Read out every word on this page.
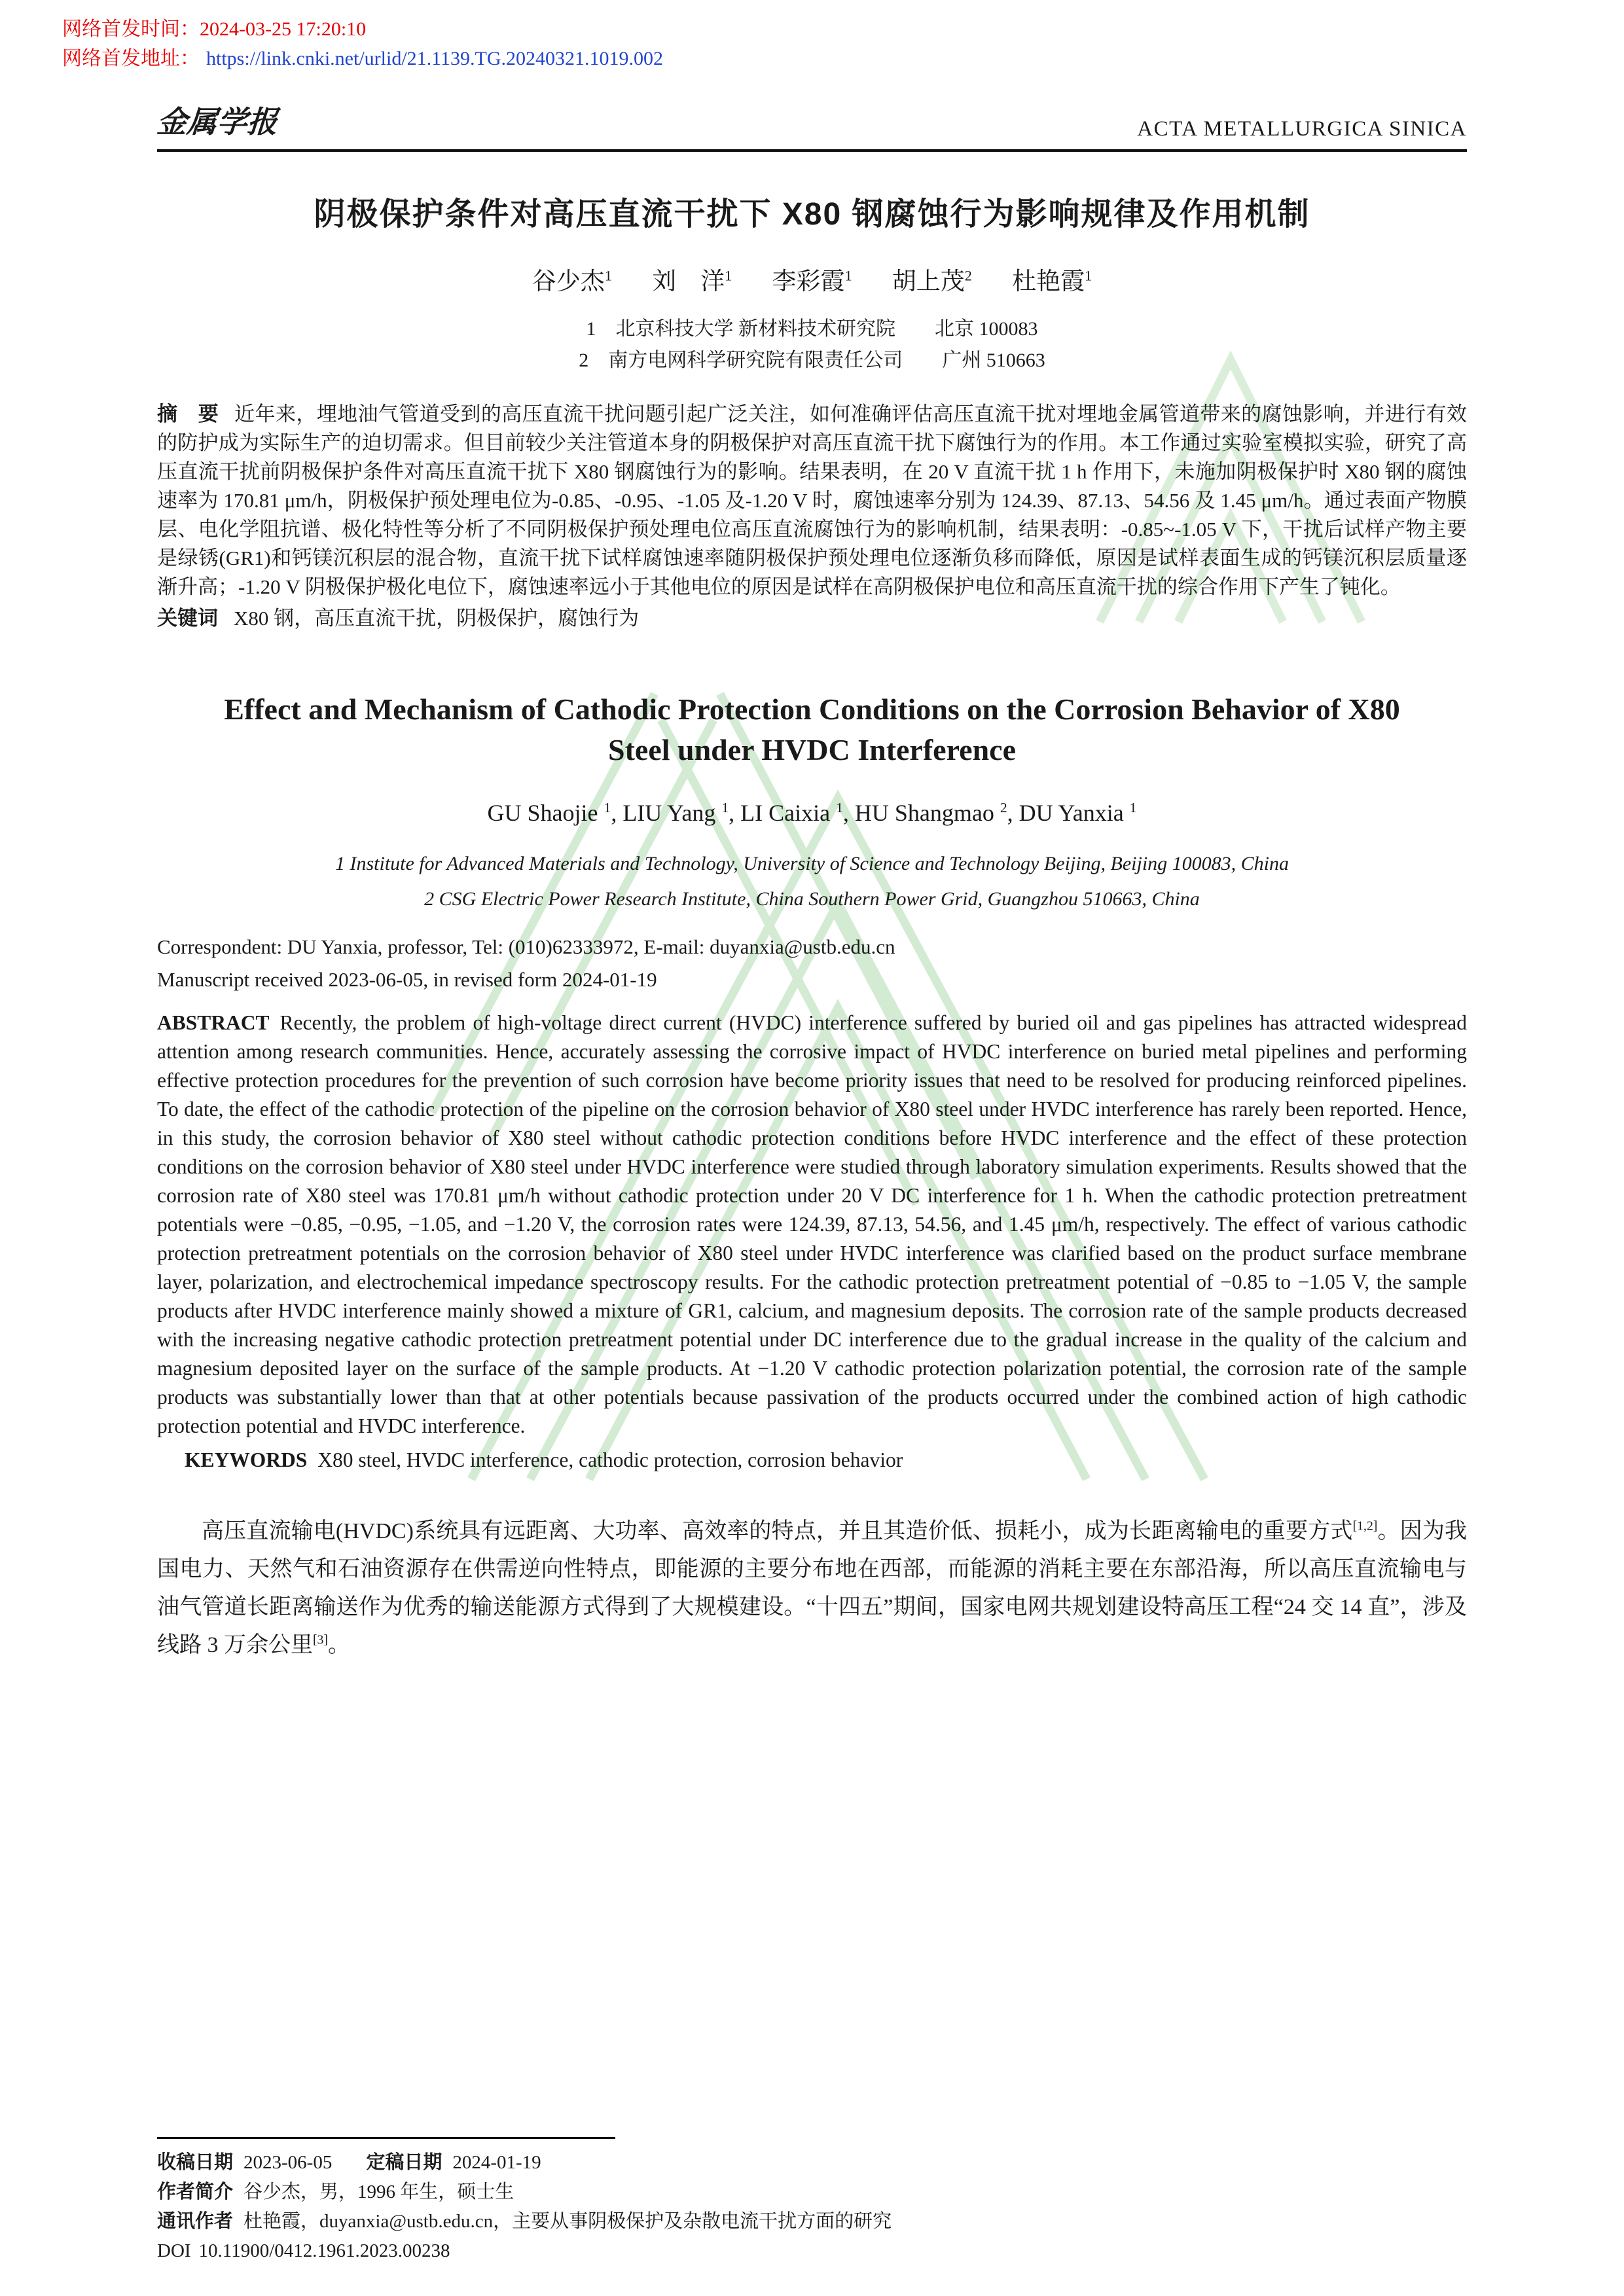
网络首发时间：2024-03-25 17:20:10
网络首发地址： https://link.cnki.net/urlid/21.1139.TG.20240321.1019.002
金属学报	ACTA METALLURGICA SINICA
阴极保护条件对高压直流干扰下 X80 钢腐蚀行为影响规律及作用机制
谷少杰$^1$ 刘　洋$^1$ 李彩霞$^1$ 胡上茂$^2$ 杜艳霞$^1$
1　北京科技大学 新材料技术研究院　　北京 100083
2　南方电网科学研究院有限责任公司　　广州 510663

摘　要 近年来，埋地油气管道受到的高压直流干扰问题引起广泛关注，如何准确评估高压直流干扰对埋地金属管道带来的腐蚀影响，并进行有效的防护成为实际生产的迫切需求。但目前较少关注管道本身的阴极保护对高压直流干扰下腐蚀行为的作用。本工作通过实验室模拟实验，研究了高压直流干扰前阴极保护条件对高压直流干扰下 X80 钢腐蚀行为的影响。结果表明，在 20 V 直流干扰 1 h 作用下，未施加阴极保护时 X80 钢的腐蚀速率为 170.81 μm/h，阴极保护预处理电位为-0.85、-0.95、-1.05 及-1.20 V 时，腐蚀速率分别为 124.39、87.13、54.56 及 1.45 μm/h。通过表面产物膜层、电化学阻抗谱、极化特性等分析了不同阴极保护预处理电位高压直流腐蚀行为的影响机制，结果表明：-0.85~-1.05 V 下，干扰后试样产物主要是绿锈(GR1)和钙镁沉积层的混合物，直流干扰下试样腐蚀速率随阴极保护预处理电位逐渐负移而降低，原因是试样表面生成的钙镁沉积层质量逐渐升高；-1.20 V 阴极保护极化电位下，腐蚀速率远小于其他电位的原因是试样在高阴极保护电位和高压直流干扰的综合作用下产生了钝化。

关键词 X80 钢，高压直流干扰，阴极保护，腐蚀行为

Effect and Mechanism of Cathodic Protection Conditions on the Corrosion Behavior of X80 Steel under HVDC Interference
GU Shaojie $^1$, LIU Yang $^1$, LI Caixia $^1$, HU Shangmao $^2$, DU Yanxia $^1$
1 Institute for Advanced Materials and Technology, University of Science and Technology Beijing, Beijing 100083, China
2 CSG Electric Power Research Institute, China Southern Power Grid, Guangzhou 510663, China
Correspondent: DU Yanxia, professor, Tel: (010)62333972, E-mail: duyanxia@ustb.edu.cn
Manuscript received 2023-06-05, in revised form 2024-01-19

ABSTRACT Recently, the problem of high-voltage direct current (HVDC) interference suffered by buried oil and gas pipelines has attracted widespread attention among research communities. Hence, accurately assessing the corrosive impact of HVDC interference on buried metal pipelines and performing effective protection procedures for the prevention of such corrosion have become priority issues that need to be resolved for producing reinforced pipelines. To date, the effect of the cathodic protection of the pipeline on the corrosion behavior of X80 steel under HVDC interference has rarely been reported. Hence, in this study, the corrosion behavior of X80 steel without cathodic protection conditions before HVDC interference and the effect of these protection conditions on the corrosion behavior of X80 steel under HVDC interference were studied through laboratory simulation experiments. Results showed that the corrosion rate of X80 steel was 170.81 μm/h without cathodic protection under 20 V DC interference for 1 h. When the cathodic protection pretreatment potentials were −0.85, −0.95, −1.05, and −1.20 V, the corrosion rates were 124.39, 87.13, 54.56, and 1.45 μm/h, respectively. The effect of various cathodic protection pretreatment potentials on the corrosion behavior of X80 steel under HVDC interference was clarified based on the product surface membrane layer, polarization, and electrochemical impedance spectroscopy results. For the cathodic protection pretreatment potential of −0.85 to −1.05 V, the sample products after HVDC interference mainly showed a mixture of GR1, calcium, and magnesium deposits. The corrosion rate of the sample products decreased with the increasing negative cathodic protection pretreatment potential under DC interference due to the gradual increase in the quality of the calcium and magnesium deposited layer on the surface of the sample products. At −1.20 V cathodic protection polarization potential, the corrosion rate of the sample products was substantially lower than that at other potentials because passivation of the products occurred under the combined action of high cathodic protection potential and HVDC interference.

KEYWORDS X80 steel, HVDC interference, cathodic protection, corrosion behavior

高压直流输电(HVDC)系统具有远距离、大功率、高效率的特点，并且其造价低、损耗小，成为长距离输电的重要方式[1,2]。因为我国电力、天然气和石油资源存在供需逆向性特点，即能源的主要分布地在西部，而能源的消耗主要在东部沿海，所以高压直流输电与油气管道长距离输送作为优秀的输送能源方式得到了大规模建设。“十四五”期间，国家电网共规划建设特高压工程“24 交 14 直”，涉及线路 3 万余公里[3]。

收稿日期 2023-06-05 定稿日期 2024-01-19
作者简介 谷少杰，男，1996 年生，硕士生
通讯作者 杜艳霞，duyanxia@ustb.edu.cn，主要从事阴极保护及杂散电流干扰方面的研究
DOI 10.11900/0412.1961.2023.00238
